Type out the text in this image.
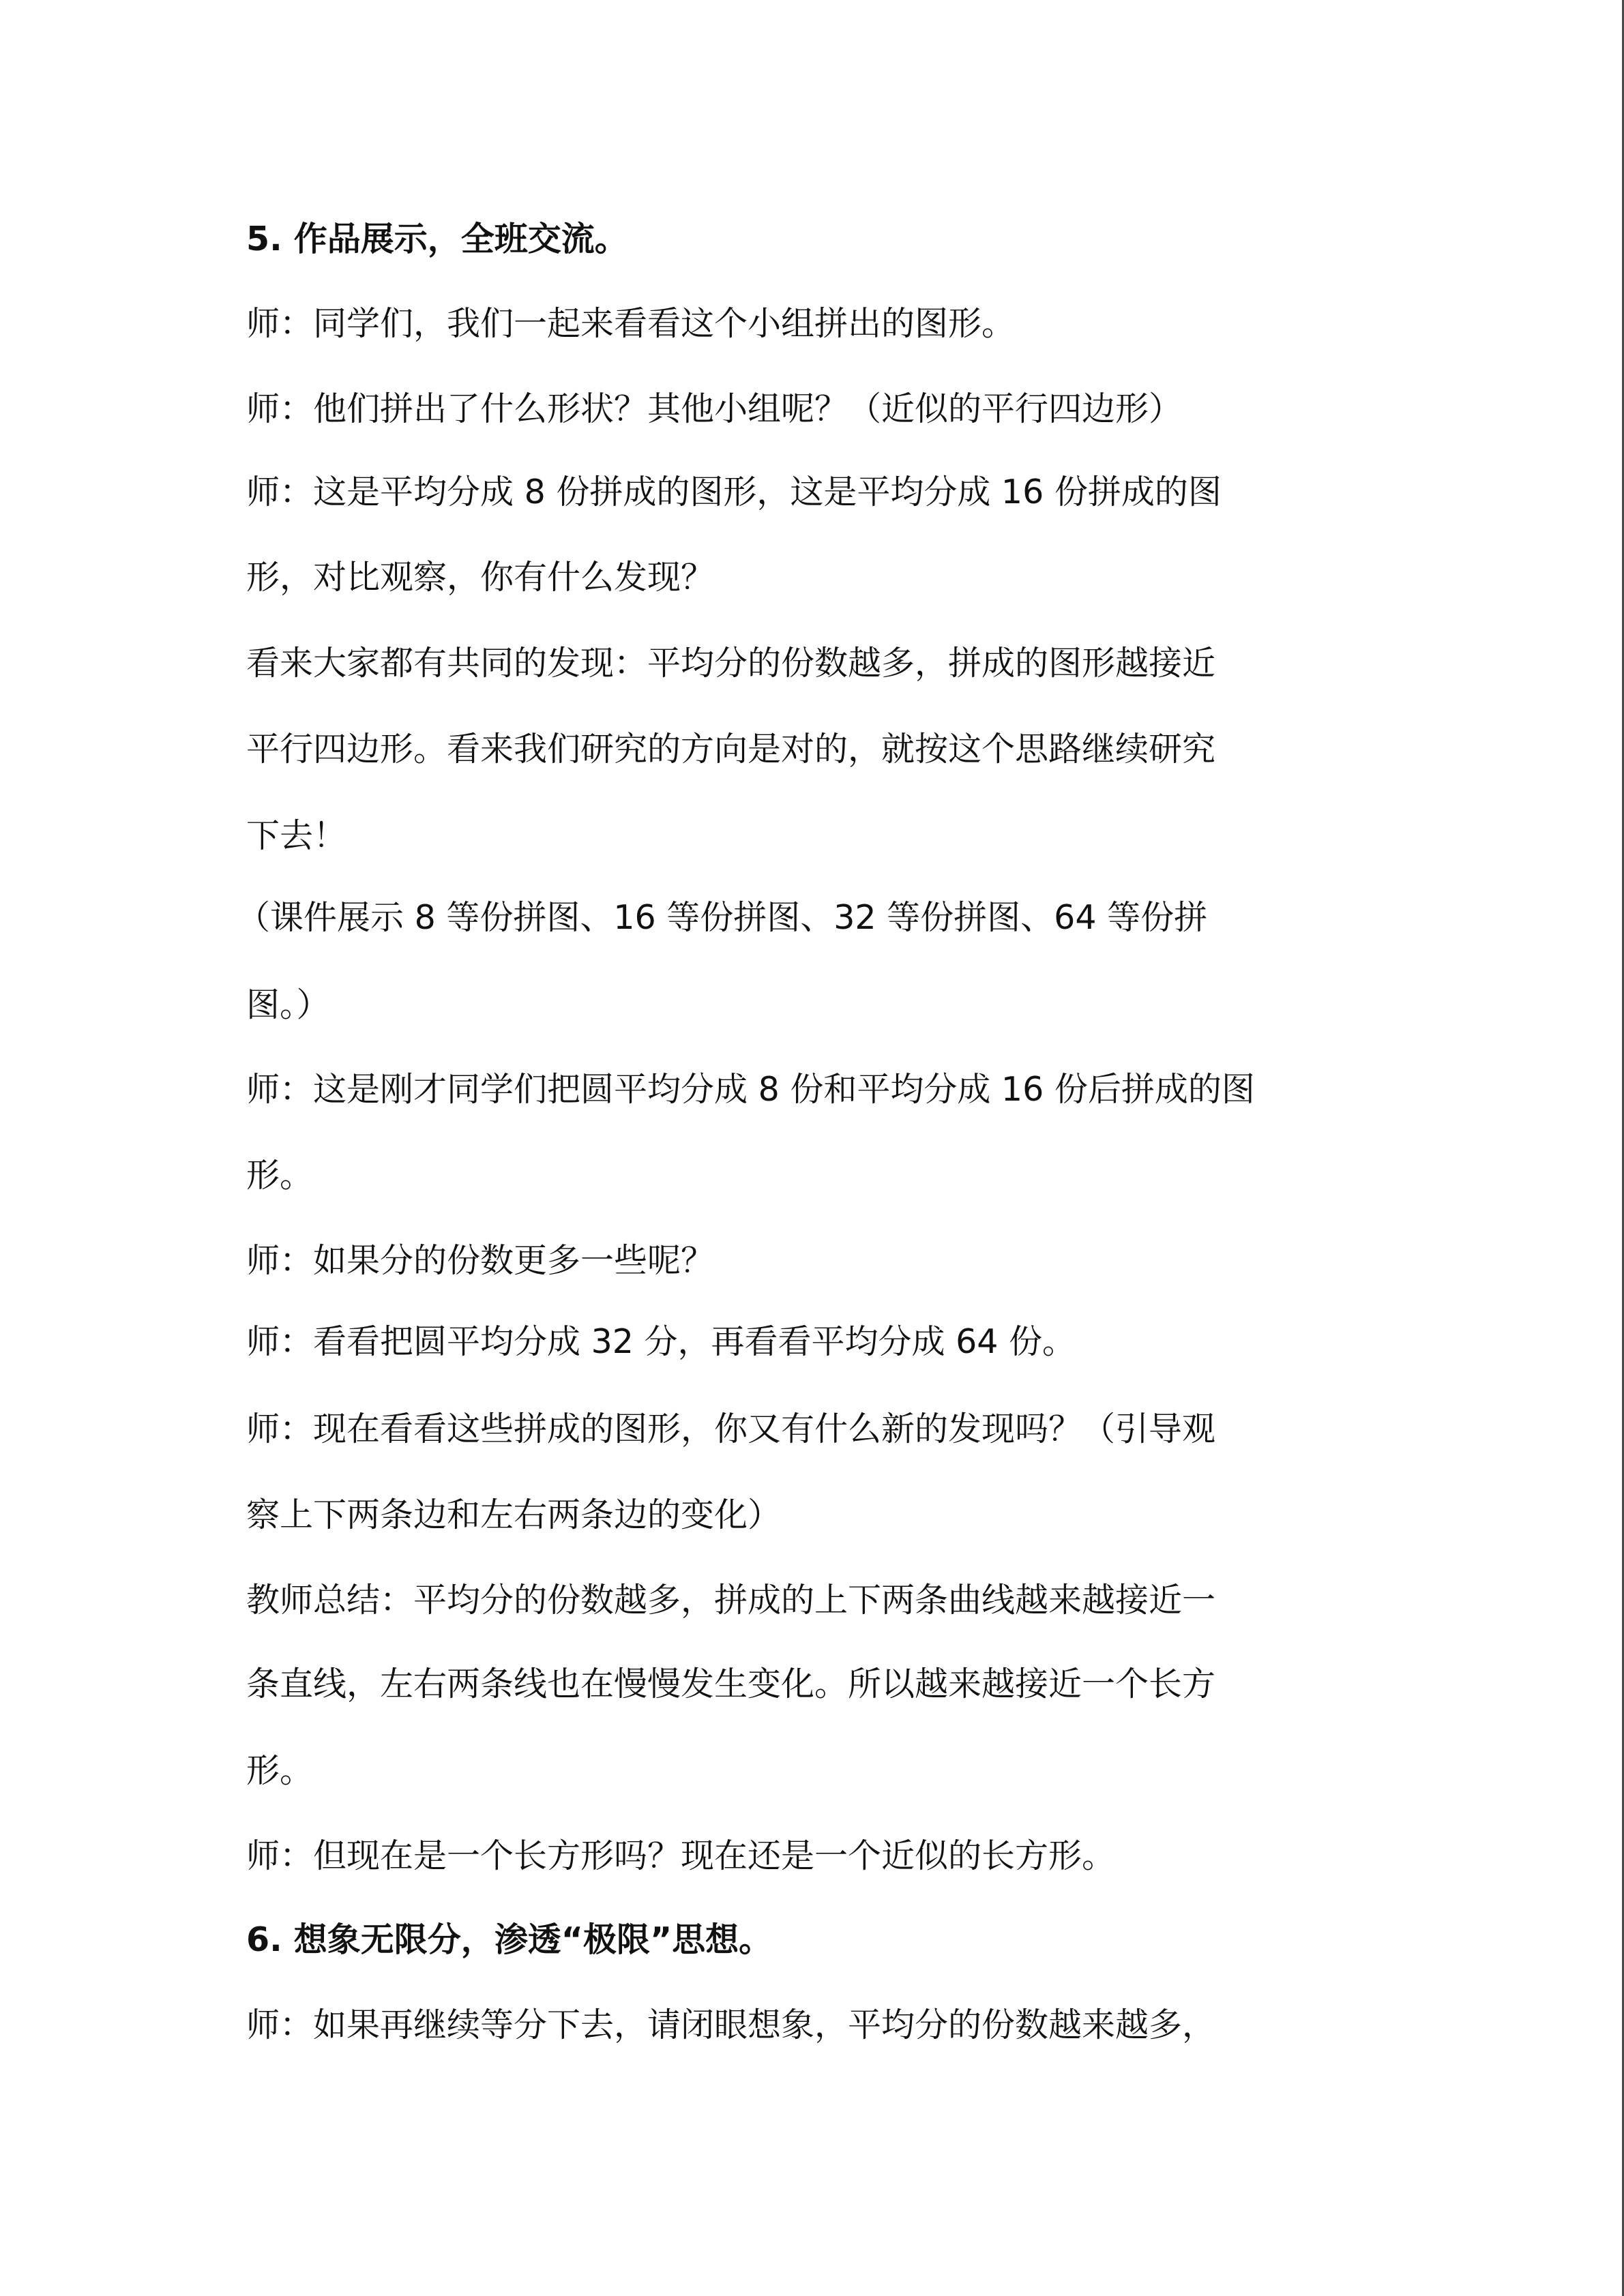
5. 作品展示，全班交流。
师：同学们，我们一起来看看这个小组拼出的图形。
师：他们拼出了什么形状？其他小组呢？（近似的平行四边形）
师：这是平均分成 8 份拼成的图形，这是平均分成 16 份拼成的图
形，对比观察，你有什么发现？
看来大家都有共同的发现：平均分的份数越多，拼成的图形越接近
平行四边形。看来我们研究的方向是对的，就按这个思路继续研究
下去！
（课件展示 8 等份拼图、16 等份拼图、32 等份拼图、64 等份拼
图。）
师：这是刚才同学们把圆平均分成 8 份和平均分成 16 份后拼成的图
形。
师：如果分的份数更多一些呢？
师：看看把圆平均分成 32 分，再看看平均分成 64 份。
师：现在看看这些拼成的图形，你又有什么新的发现吗？（引导观
察上下两条边和左右两条边的变化）
教师总结：平均分的份数越多，拼成的上下两条曲线越来越接近一
条直线，左右两条线也在慢慢发生变化。所以越来越接近一个长方
形。
师：但现在是一个长方形吗？现在还是一个近似的长方形。
6. 想象无限分，渗透“极限”思想。
师：如果再继续等分下去，请闭眼想象，平均分的份数越来越多，
